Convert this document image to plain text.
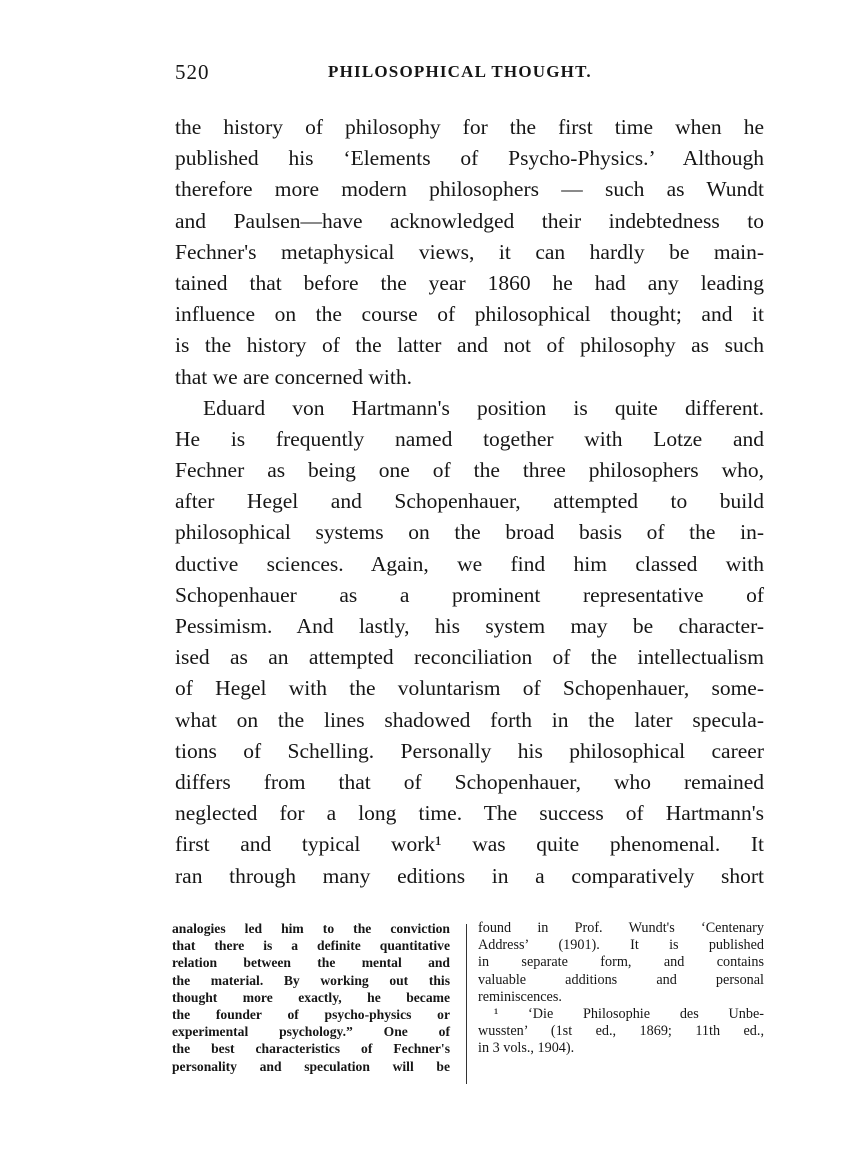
520	PHILOSOPHICAL THOUGHT.
the history of philosophy for the first time when he
published his ‘Elements of Psycho-Physics.’ Although
therefore more modern philosophers — such as Wundt
and Paulsen—have acknowledged their indebtedness to
Fechner's metaphysical views, it can hardly be main-
tained that before the year 1860 he had any leading
influence on the course of philosophical thought; and it
is the history of the latter and not of philosophy as such
that we are concerned with.
Eduard von Hartmann's position is quite different.
He is frequently named together with Lotze and
Fechner as being one of the three philosophers who,
after Hegel and Schopenhauer, attempted to build
philosophical systems on the broad basis of the in-
ductive sciences. Again, we find him classed with
Schopenhauer as a prominent representative of
Pessimism. And lastly, his system may be character-
ised as an attempted reconciliation of the intellectualism
of Hegel with the voluntarism of Schopenhauer, some-
what on the lines shadowed forth in the later specula-
tions of Schelling. Personally his philosophical career
differs from that of Schopenhauer, who remained
neglected for a long time. The success of Hartmann's
first and typical work¹ was quite phenomenal. It
ran through many editions in a comparatively short
analogies led him to the conviction
that there is a definite quantitative
relation between the mental and
the material. By working out this
thought more exactly, he became
the founder of psycho-physics or
experimental psychology.” One of
the best characteristics of Fechner's
personality and speculation will be
found in Prof. Wundt's ‘Centenary
Address’ (1901). It is published
in separate form, and contains
valuable additions and personal
reminiscences.
¹ ‘Die Philosophie des Unbe-
wussten’ (1st ed., 1869; 11th ed.,
in 3 vols., 1904).
